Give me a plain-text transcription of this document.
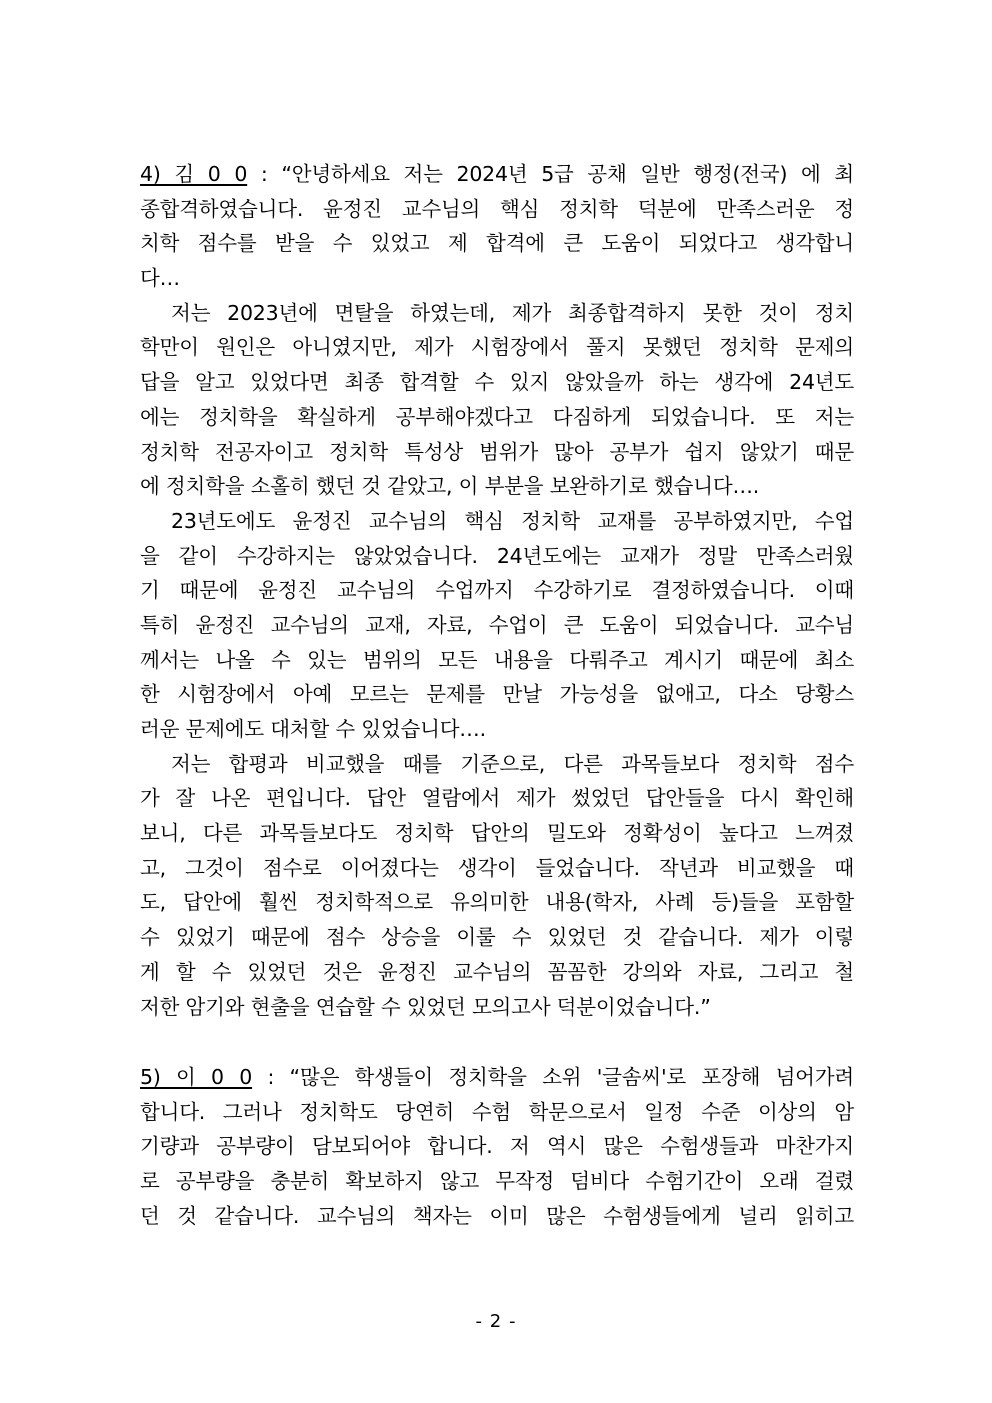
4) 김 0 0 : “안녕하세요 저는 2024년 5급 공채 일반 행정(전국) 에 최
종합격하였습니다. 윤정진 교수님의 핵심 정치학 덕분에 만족스러운 정
치학 점수를 받을 수 있었고 제 합격에 큰 도움이 되었다고 생각합니
다…
저는 2023년에 면탈을 하였는데, 제가 최종합격하지 못한 것이 정치
학만이 원인은 아니였지만, 제가 시험장에서 풀지 못했던 정치학 문제의
답을 알고 있었다면 최종 합격할 수 있지 않았을까 하는 생각에 24년도
에는 정치학을 확실하게 공부해야겠다고 다짐하게 되었습니다. 또 저는
정치학 전공자이고 정치학 특성상 범위가 많아 공부가 쉽지 않았기 때문
에 정치학을 소홀히 했던 것 같았고, 이 부분을 보완하기로 했습니다….
23년도에도 윤정진 교수님의 핵심 정치학 교재를 공부하였지만, 수업
을 같이 수강하지는 않았었습니다. 24년도에는 교재가 정말 만족스러웠
기 때문에 윤정진 교수님의 수업까지 수강하기로 결정하였습니다. 이때
특히 윤정진 교수님의 교재, 자료, 수업이 큰 도움이 되었습니다. 교수님
께서는 나올 수 있는 범위의 모든 내용을 다뤄주고 계시기 때문에 최소
한 시험장에서 아예 모르는 문제를 만날 가능성을 없애고, 다소 당황스
러운 문제에도 대처할 수 있었습니다….
저는 합평과 비교했을 때를 기준으로, 다른 과목들보다 정치학 점수
가 잘 나온 편입니다. 답안 열람에서 제가 썼었던 답안들을 다시 확인해
보니, 다른 과목들보다도 정치학 답안의 밀도와 정확성이 높다고 느껴졌
고, 그것이 점수로 이어졌다는 생각이 들었습니다. 작년과 비교했을 때
도, 답안에 훨씬 정치학적으로 유의미한 내용(학자, 사례 등)들을 포함할
수 있었기 때문에 점수 상승을 이룰 수 있었던 것 같습니다. 제가 이렇
게 할 수 있었던 것은 윤정진 교수님의 꼼꼼한 강의와 자료, 그리고 철
저한 암기와 현출을 연습할 수 있었던 모의고사 덕분이었습니다.”
5) 이 0 0 : “많은 학생들이 정치학을 소위 '글솜씨'로 포장해 넘어가려
합니다. 그러나 정치학도 당연히 수험 학문으로서 일정 수준 이상의 암
기량과 공부량이 담보되어야 합니다. 저 역시 많은 수험생들과 마찬가지
로 공부량을 충분히 확보하지 않고 무작정 덤비다 수험기간이 오래 걸렸
던 것 같습니다. 교수님의 책자는 이미 많은 수험생들에게 널리 읽히고
- 2 -
